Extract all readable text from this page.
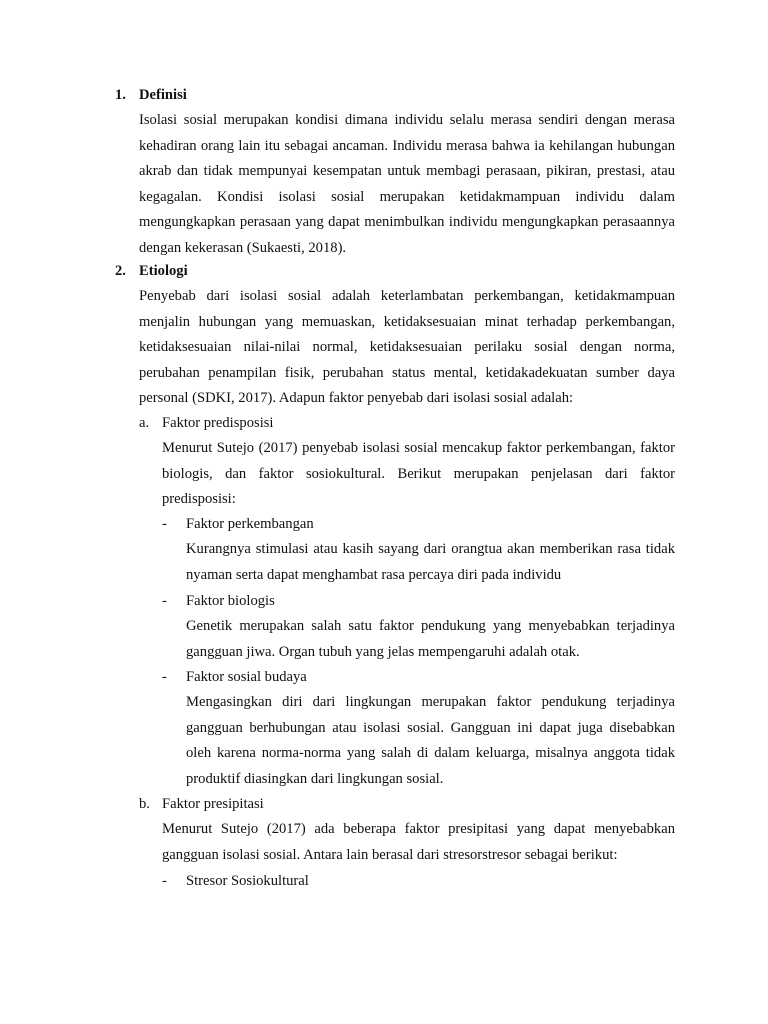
1. Definisi

Isolasi sosial merupakan kondisi dimana individu selalu merasa sendiri dengan merasa kehadiran orang lain itu sebagai ancaman. Individu merasa bahwa ia kehilangan hubungan akrab dan tidak mempunyai kesempatan untuk membagi perasaan, pikiran, prestasi, atau kegagalan. Kondisi isolasi sosial merupakan ketidakmampuan individu dalam mengungkapkan perasaan yang dapat menimbulkan individu mengungkapkan perasaannya dengan kekerasan (Sukaesti, 2018).

2. Etiologi

Penyebab dari isolasi sosial adalah keterlambatan perkembangan, ketidakmampuan menjalin hubungan yang memuaskan, ketidaksesuaian minat terhadap perkembangan, ketidaksesuaian nilai-nilai normal, ketidaksesuaian perilaku sosial dengan norma, perubahan penampilan fisik, perubahan status mental, ketidakadekuatan sumber daya personal (SDKI, 2017). Adapun faktor penyebab dari isolasi sosial adalah:

a. Faktor predisposisi

Menurut Sutejo (2017) penyebab isolasi sosial mencakup faktor perkembangan, faktor biologis, dan faktor sosiokultural. Berikut merupakan penjelasan dari faktor predisposisi:

- Faktor perkembangan

Kurangnya stimulasi atau kasih sayang dari orangtua akan memberikan rasa tidak nyaman serta dapat menghambat rasa percaya diri pada individu

- Faktor biologis

Genetik merupakan salah satu faktor pendukung yang menyebabkan terjadinya gangguan jiwa. Organ tubuh yang jelas mempengaruhi adalah otak.

- Faktor sosial budaya

Mengasingkan diri dari lingkungan merupakan faktor pendukung terjadinya gangguan berhubungan atau isolasi sosial. Gangguan ini dapat juga disebabkan oleh karena norma-norma yang salah di dalam keluarga, misalnya anggota tidak produktif diasingkan dari lingkungan sosial.

b. Faktor presipitasi

Menurut Sutejo (2017) ada beberapa faktor presipitasi yang dapat menyebabkan gangguan isolasi sosial. Antara lain berasal dari stresorstresor sebagai berikut:

- Stresor Sosiokultural
